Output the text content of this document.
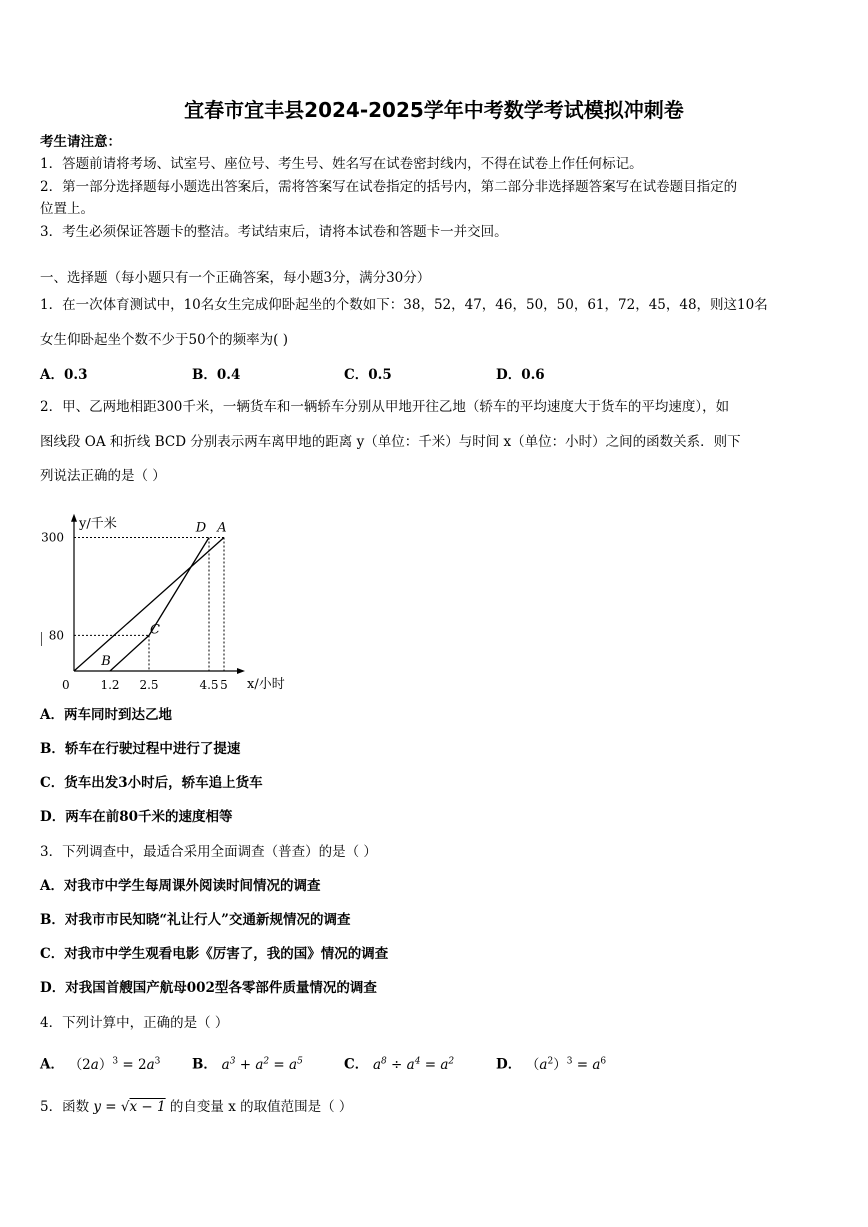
宜春市宜丰县2024-2025学年中考数学考试模拟冲刺卷
考生请注意：
1．答题前请将考场、试室号、座位号、考生号、姓名写在试卷密封线内，不得在试卷上作任何标记。
2．第一部分选择题每小题选出答案后，需将答案写在试卷指定的括号内，第二部分非选择题答案写在试卷题目指定的
位置上。
3．考生必须保证答题卡的整洁。考试结束后，请将本试卷和答题卡一并交回。
一、选择题（每小题只有一个正确答案，每小题3分，满分30分）
1．在一次体育测试中，10名女生完成仰卧起坐的个数如下：38，52，47，46，50，50，61，72，45，48，则这10名
女生仰卧起坐个数不少于50个的频率为( )
A．0.3	B．0.4	C．0.5	D．0.6
2．甲、乙两地相距300千米，一辆货车和一辆轿车分别从甲地开往乙地（轿车的平均速度大于货车的平均速度），如
图线段 OA 和折线 BCD 分别表示两车离甲地的距离 y（单位：千米）与时间 x（单位：小时）之间的函数关系．则下
列说法正确的是（ ）
y/千米
x/小时
0	1.2 2.5	4.5 5
80
300
B
C
D A
A．两车同时到达乙地
B．轿车在行驶过程中进行了提速
C．货车出发3小时后，轿车追上货车
D．两车在前80千米的速度相等
3．下列调查中，最适合采用全面调查（普查）的是（ ）
A．对我市中学生每周课外阅读时间情况的调查
B．对我市市民知晓“礼让行人”交通新规情况的调查
C．对我市中学生观看电影《厉害了，我的国》情况的调查
D．对我国首艘国产航母002型各零部件质量情况的调查
4．下列计算中，正确的是（ ）
A． $(2a)^3 = 2a^3$ B． $a^3 + a^2 = a^5$	C． $a^8 \div a^4 = a^2$	D． $(a^2)^3 = a^6$
5．函数 y = √x − 1 的自变量 x 的取值范围是（ ）
